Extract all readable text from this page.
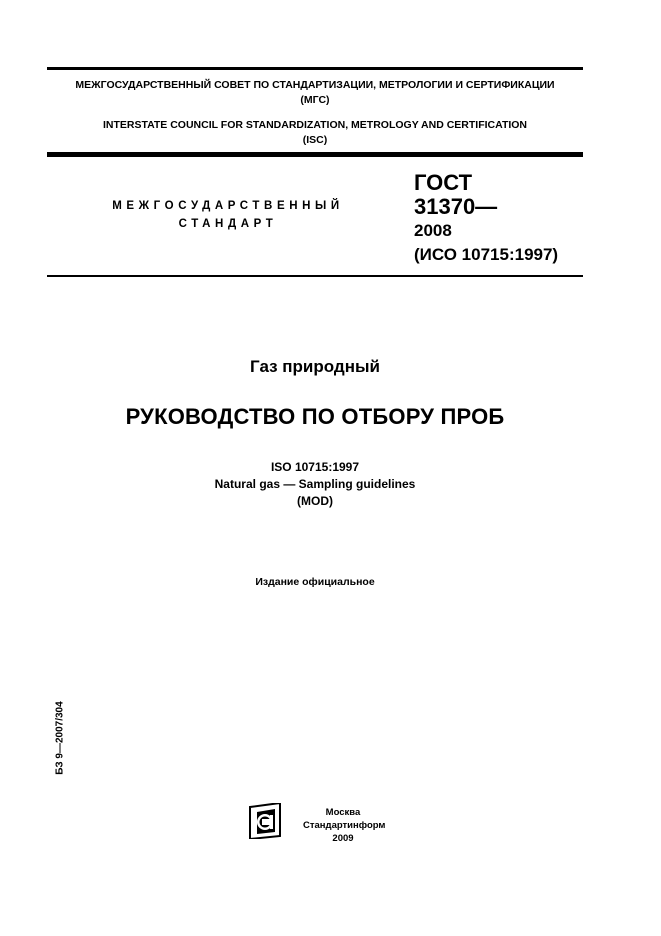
МЕЖГОСУДАРСТВЕННЫЙ СОВЕТ ПО СТАНДАРТИЗАЦИИ, МЕТРОЛОГИИ И СЕРТИФИКАЦИИ
(МГС)
INTERSTATE COUNCIL FOR STANDARDIZATION, METROLOGY AND CERTIFICATION
(ISC)
МЕЖГОСУДАРСТВЕННЫЙ
СТАНДАРТ
ГОСТ
31370—
2008
(ИСО 10715:1997)
Газ природный
РУКОВОДСТВО ПО ОТБОРУ ПРОБ
ISO 10715:1997
Natural gas — Sampling guidelines
(MOD)
Издание официальное
БЗ 9—2007/304
Москва
Стандартинформ
2009
